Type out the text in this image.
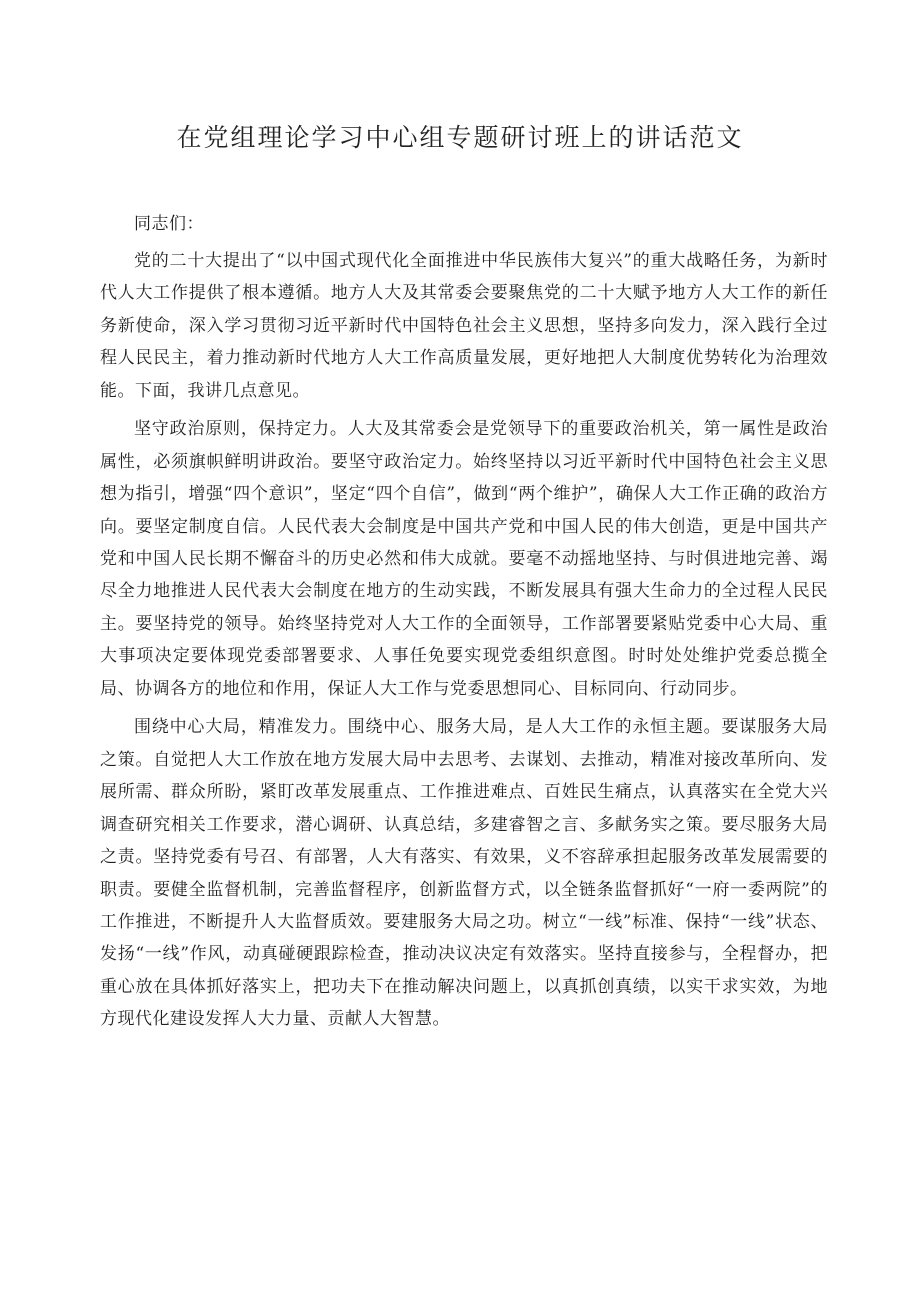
在党组理论学习中心组专题研讨班上的讲话范文

同志们：

党的二十大提出了“以中国式现代化全面推进中华民族伟大复兴”的重大战略任务，为新时代人大工作提供了根本遵循。地方人大及其常委会要聚焦党的二十大赋予地方人大工作的新任务新使命，深入学习贯彻习近平新时代中国特色社会主义思想，坚持多向发力，深入践行全过程人民民主，着力推动新时代地方人大工作高质量发展，更好地把人大制度优势转化为治理效能。下面，我讲几点意见。

坚守政治原则，保持定力。人大及其常委会是党领导下的重要政治机关，第一属性是政治属性，必须旗帜鲜明讲政治。要坚守政治定力。始终坚持以习近平新时代中国特色社会主义思想为指引，增强“四个意识”，坚定“四个自信”，做到“两个维护”，确保人大工作正确的政治方向。要坚定制度自信。人民代表大会制度是中国共产党和中国人民的伟大创造，更是中国共产党和中国人民长期不懈奋斗的历史必然和伟大成就。要毫不动摇地坚持、与时俱进地完善、竭尽全力地推进人民代表大会制度在地方的生动实践，不断发展具有强大生命力的全过程人民民主。要坚持党的领导。始终坚持党对人大工作的全面领导，工作部署要紧贴党委中心大局、重大事项决定要体现党委部署要求、人事任免要实现党委组织意图。时时处处维护党委总揽全局、协调各方的地位和作用，保证人大工作与党委思想同心、目标同向、行动同步。

围绕中心大局，精准发力。围绕中心、服务大局，是人大工作的永恒主题。要谋服务大局之策。自觉把人大工作放在地方发展大局中去思考、去谋划、去推动，精准对接改革所向、发展所需、群众所盼，紧盯改革发展重点、工作推进难点、百姓民生痛点，认真落实在全党大兴调查研究相关工作要求，潜心调研、认真总结，多建睿智之言、多献务实之策。要尽服务大局之责。坚持党委有号召、有部署，人大有落实、有效果，义不容辞承担起服务改革发展需要的职责。要健全监督机制，完善监督程序，创新监督方式，以全链条监督抓好“一府一委两院”的工作推进，不断提升人大监督质效。要建服务大局之功。树立“一线”标准、保持“一线”状态、发扬“一线”作风，动真碰硬跟踪检查，推动决议决定有效落实。坚持直接参与，全程督办，把重心放在具体抓好落实上，把功夫下在推动解决问题上，以真抓创真绩，以实干求实效，为地方现代化建设发挥人大力量、贡献人大智慧。
